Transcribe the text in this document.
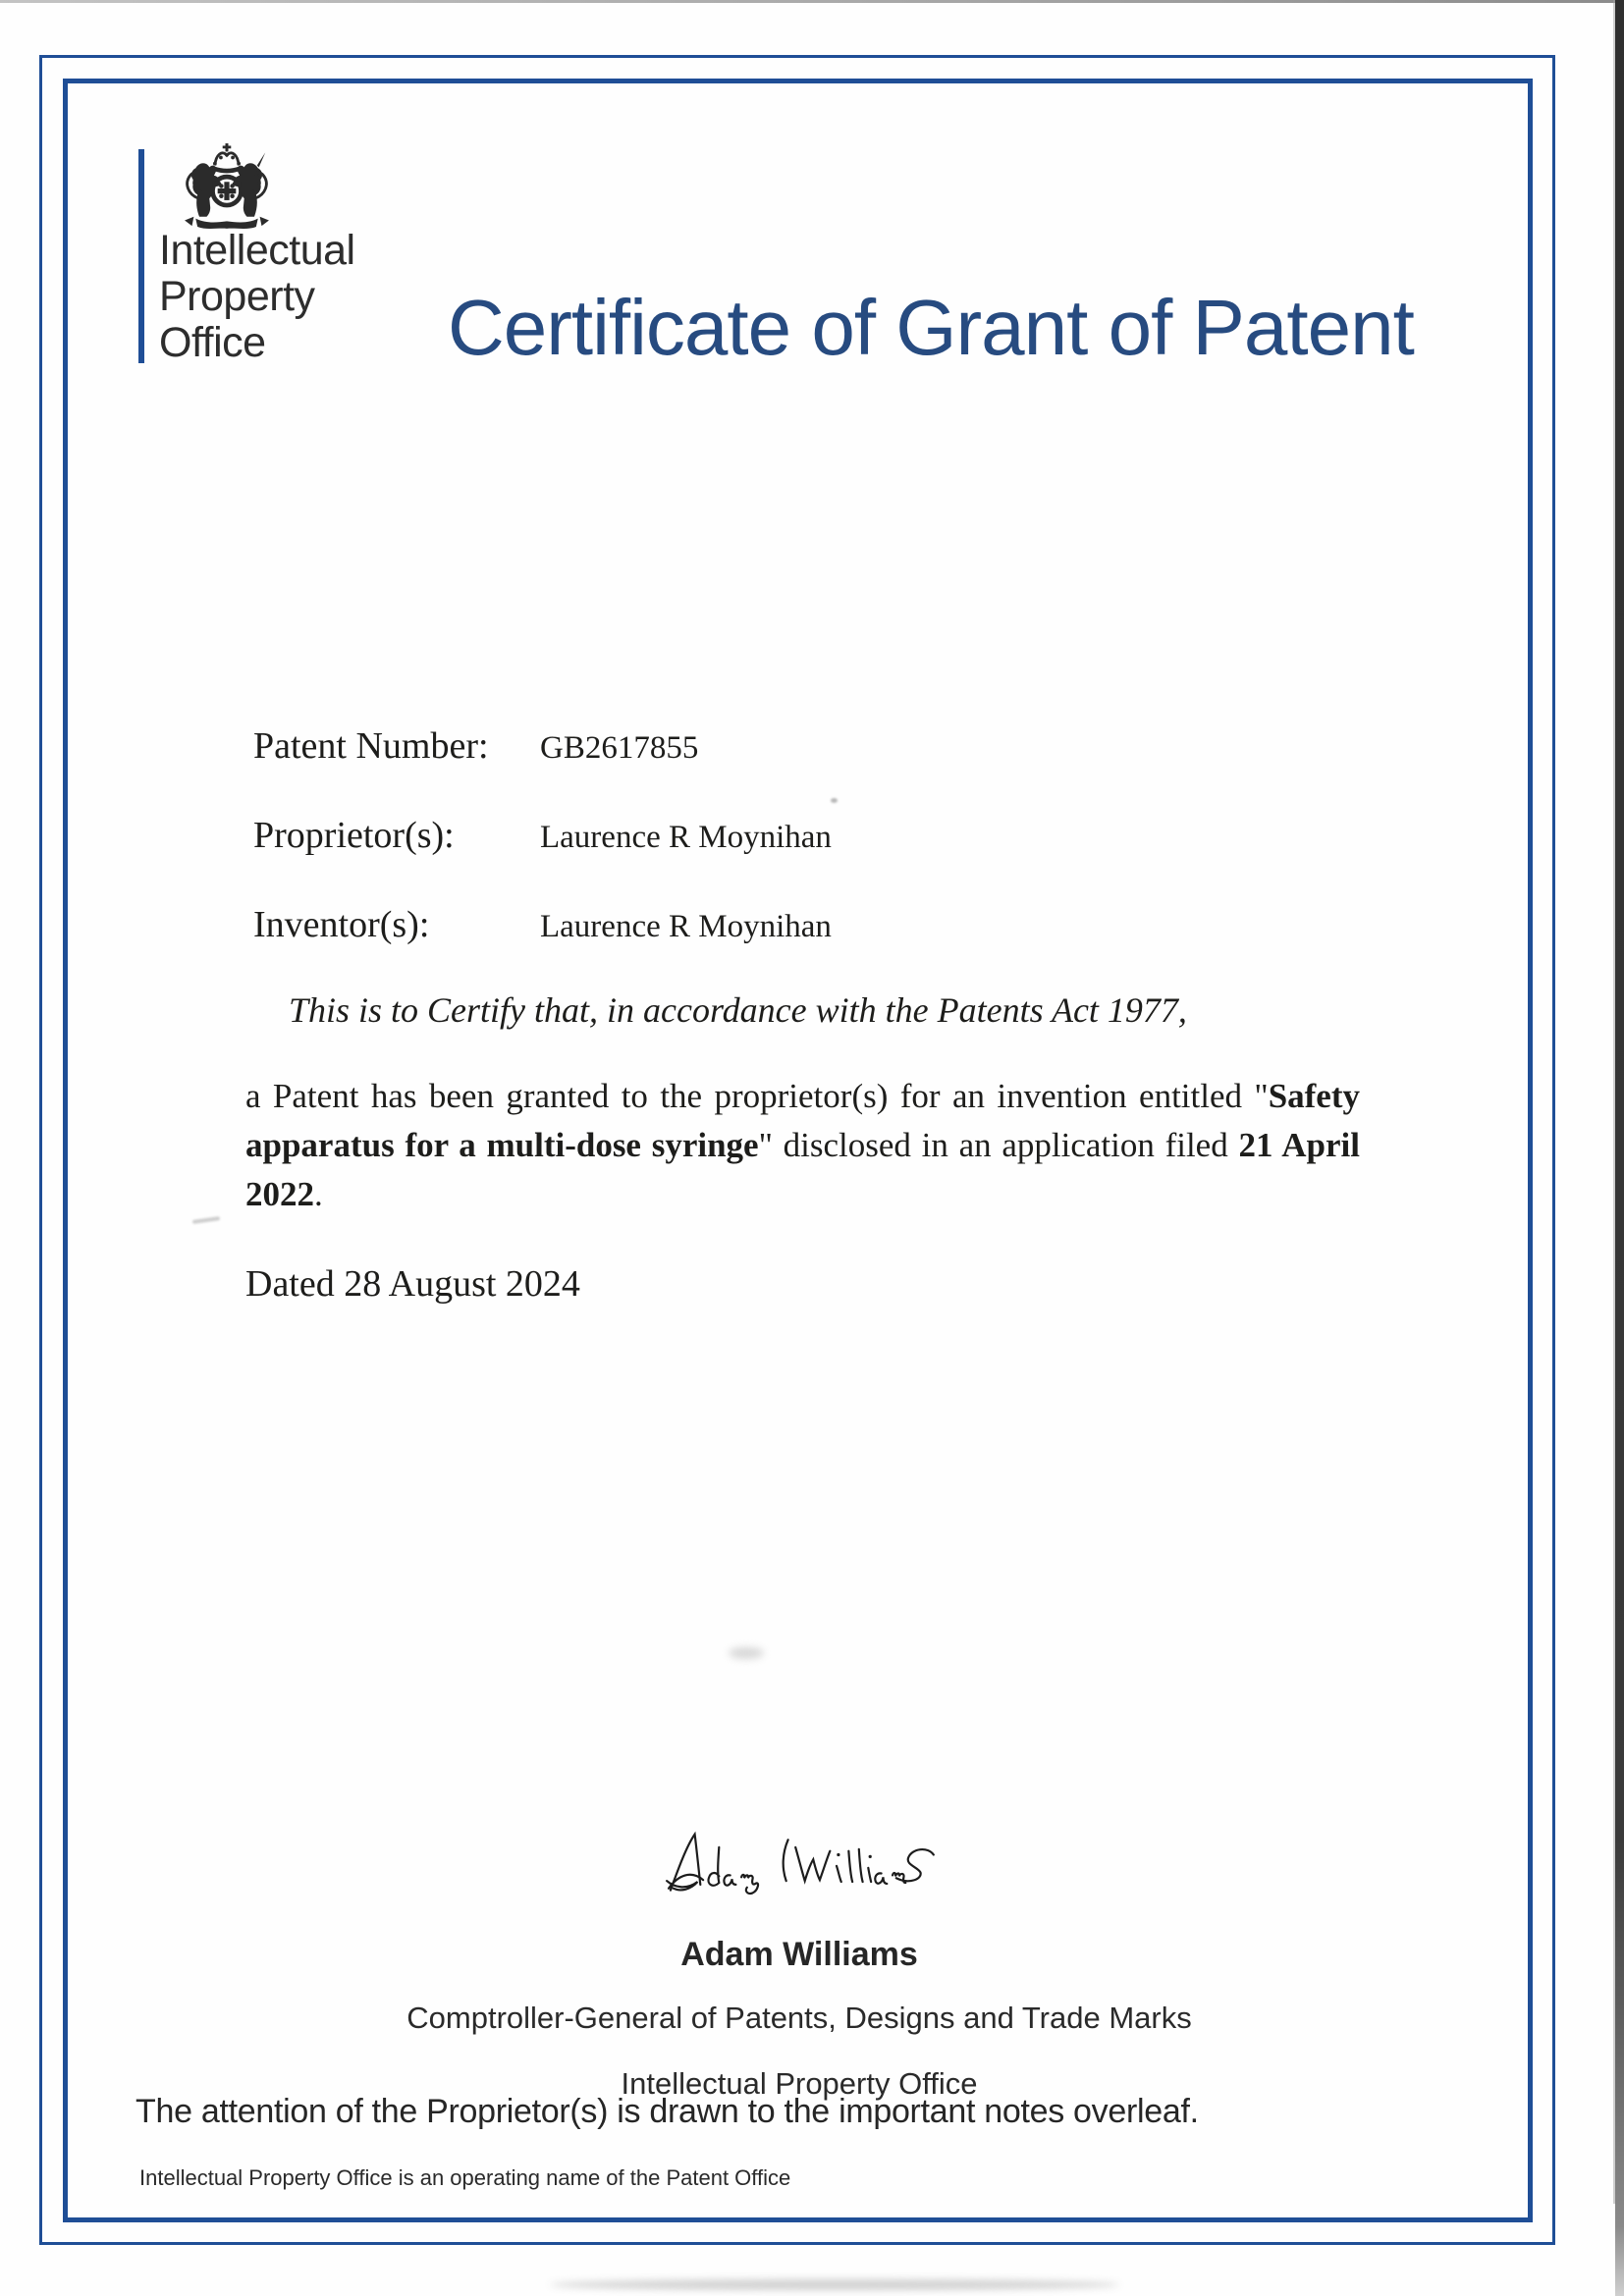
Intellectual
Property
Office	Certificate of Grant of Patent
Patent Number:	GB2617855
Proprietor(s):	Laurence R Moynihan
Inventor(s):	Laurence R Moynihan
This is to Certify that, in accordance with the Patents Act 1977,

a Patent has been granted to the proprietor(s) for an invention entitled "Safety apparatus for a multi-dose syringe" disclosed in an application filed 21 April 2022.

Dated 28 August 2024
Adam Williams
Comptroller-General of Patents, Designs and Trade Marks
Intellectual Property Office
The attention of the Proprietor(s) is drawn to the important notes overleaf.
Intellectual Property Office is an operating name of the Patent Office
